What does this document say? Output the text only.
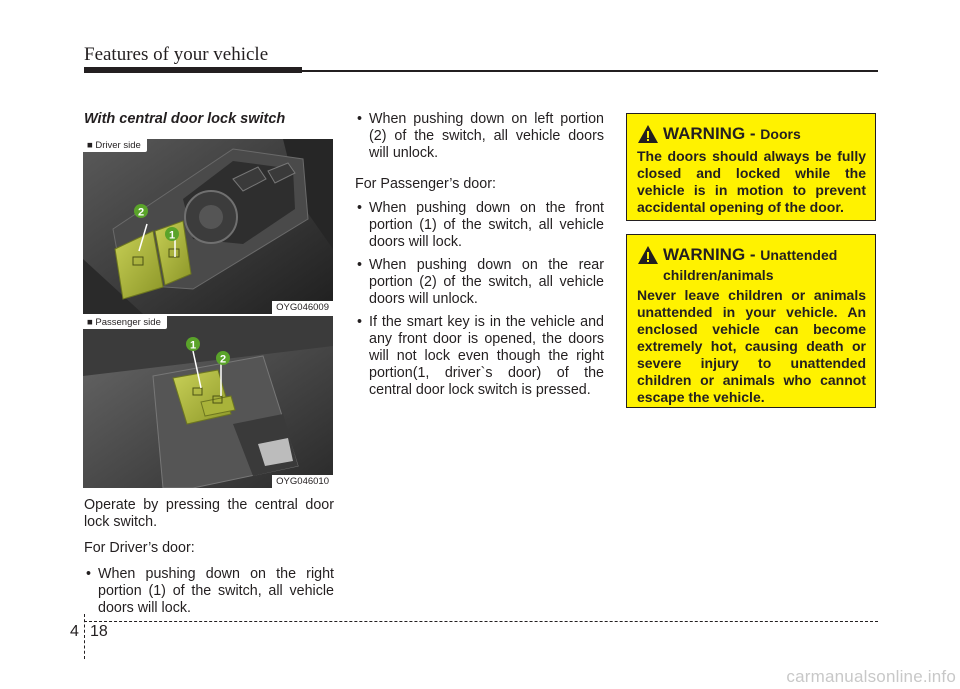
Features of your vehicle
With central door lock switch
2
1
■ Driver side
OYG046009
1
2
■ Passenger side
OYG046010

Operate by pressing the central door lock switch.

For Driver’s door:

• When pushing down on the right portion (1) of the switch, all vehicle doors will lock.
• When pushing down on left portion (2) of the switch, all vehicle doors will unlock.

For Passenger’s door:

• When pushing down on the front portion (1) of the switch, all vehicle doors will lock.
• When pushing down on the rear portion (2) of the switch, all vehicle doors will unlock.
• If the smart key is in the vehicle and any front door is opened, the doors will not lock even though the right portion(1, driver`s door) of the central door lock switch is pressed.
WARNING - Doors
The doors should always be fully closed and locked while the vehicle is in motion to prevent accidental opening of the door.
WARNING - Unattended
children/animals
Never leave children or animals unattended in your vehicle. An enclosed vehicle can become extremely hot, causing death or severe injury to unattended children or animals who cannot escape the vehicle.
4 18
carmanualsonline.info
